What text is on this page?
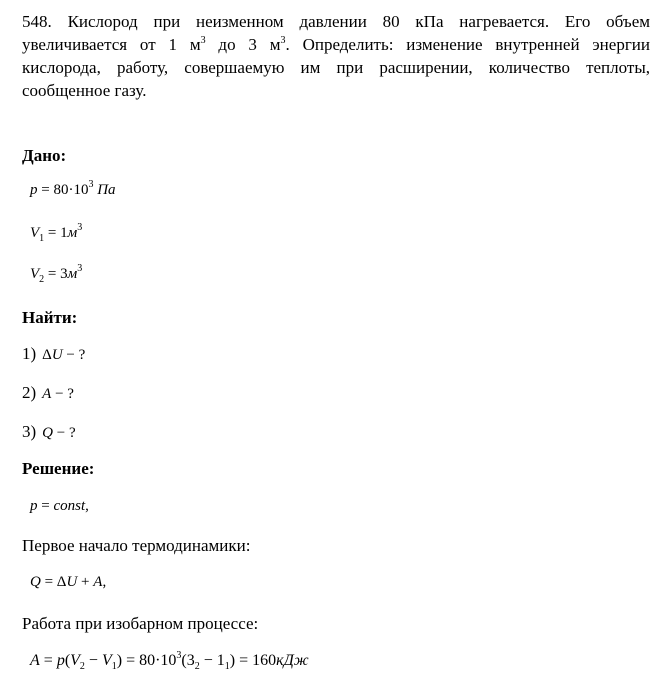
548. Кислород при неизменном давлении 80 кПа нагревается. Его объем
увеличивается от 1 $м^3$ до 3 $м^3$. Определить: изменение внутренней энергии
кислорода, работу, совершаемую им при расширении, количество теплоты,
сообщенное газу.
Дано:
$p = 80\cdot 10^3$ Па
$V_1 = 1м^3$
$V_2 = 3м^3$
Найти:
1) ΔU − ?
2) A − ?
3) Q − ?
Решение:
p = const,
Первое начало термодинамики:
Q = ΔU + A,
Работа при изобарном процессе:
$A = p(V_2 - V_1) = 80\cdot 10^3(3_2 - 1_1) = 160кДж$
